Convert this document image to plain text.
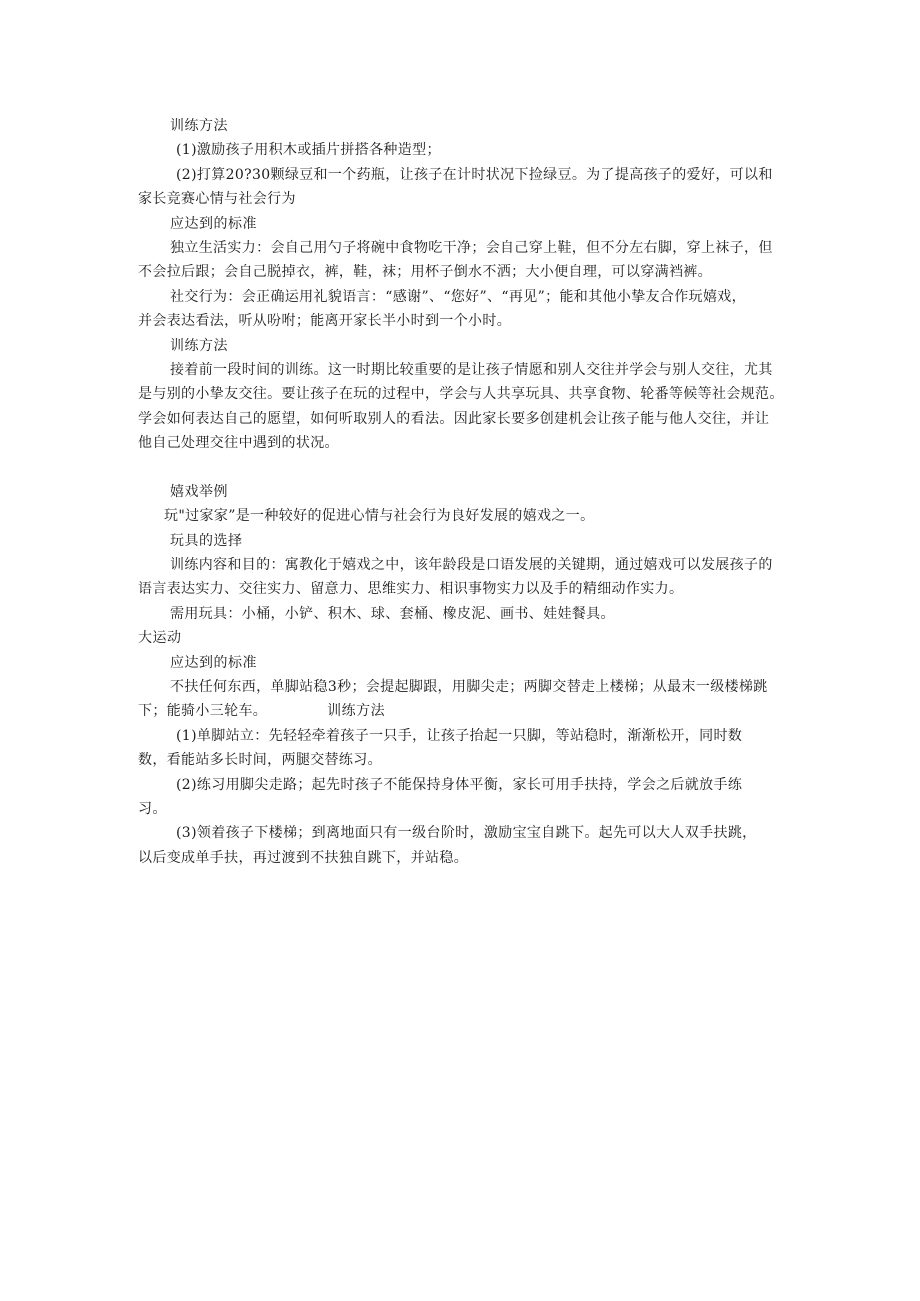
训练方法
(1)激励孩子用积木或插片拼搭各种造型；
(2)打算20?30颗绿豆和一个药瓶，让孩子在计时状况下捡绿豆。为了提高孩子的爱好，可以和
家长竞赛心情与社会行为
应达到的标准
独立生活实力：会自己用勺子将碗中食物吃干净；会自己穿上鞋，但不分左右脚，穿上袜子，但
不会拉后跟；会自己脱掉衣，裤，鞋，袜；用杯子倒水不洒；大小便自理，可以穿满裆裤。
社交行为：会正确运用礼貌语言：“感谢”、“您好”、“再见”；能和其他小挚友合作玩嬉戏，
并会表达看法，听从吩咐；能离开家长半小时到一个小时。
训练方法
接着前一段时间的训练。这一时期比较重要的是让孩子情愿和别人交往并学会与别人交往，尤其
是与别的小挚友交往。要让孩子在玩的过程中，学会与人共享玩具、共享食物、轮番等候等社会规范。
学会如何表达自己的愿望，如何听取别人的看法。因此家长要多创建机会让孩子能与他人交往，并让
他自己处理交往中遇到的状况。
嬉戏举例
玩"过家家”是一种较好的促进心情与社会行为良好发展的嬉戏之一。
玩具的选择
训练内容和目的：寓教化于嬉戏之中，该年龄段是口语发展的关键期，通过嬉戏可以发展孩子的
语言表达实力、交往实力、留意力、思维实力、相识事物实力以及手的精细动作实力。
需用玩具：小桶，小铲、积木、球、套桶、橡皮泥、画书、娃娃餐具。
大运动
应达到的标准
不扶任何东西，单脚站稳3秒；会提起脚跟，用脚尖走；两脚交替走上楼梯；从最末一级楼梯跳
下；能骑小三轮车。	训练方法
(1)单脚站立：先轻轻牵着孩子一只手，让孩子抬起一只脚，等站稳时，渐渐松开，同时数
数，看能站多长时间，两腿交替练习。
(2)练习用脚尖走路；起先时孩子不能保持身体平衡，家长可用手扶持，学会之后就放手练
习。
(3)领着孩子下楼梯；到离地面只有一级台阶时，激励宝宝自跳下。起先可以大人双手扶跳，
以后变成单手扶，再过渡到不扶独自跳下，并站稳。
